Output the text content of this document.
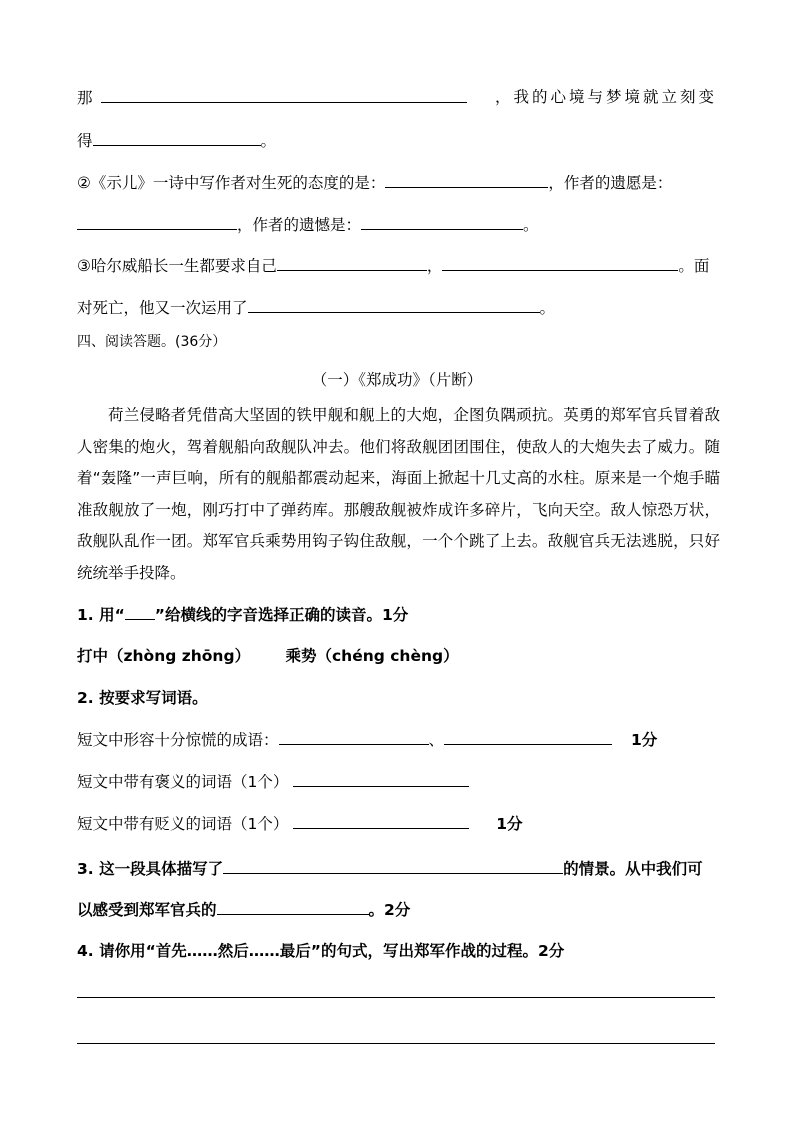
那	，我的心境与梦境就立刻变
得	。
②《示儿》一诗中写作者对生死的态度的是：	，作者的遗愿是：
，作者的遗憾是：	。
③哈尔威船长一生都要求自己	，	。面
对死亡，他又一次运用了	。
四、阅读答题。(36分）
（一）《郑成功》（片断）
荷兰侵略者凭借高大坚固的铁甲舰和舰上的大炮，企图负隅顽抗。英勇的郑军官兵冒着敌人密集的炮火，驾着舰船向敌舰队冲去。他们将敌舰团团围住，使敌人的大炮失去了威力。随着“轰隆”一声巨响，所有的舰船都震动起来，海面上掀起十几丈高的水柱。原来是一个炮手瞄准敌舰放了一炮，刚巧打中了弹药库。那艘敌舰被炸成许多碎片，飞向天空。敌人惊恐万状，敌舰队乱作一团。郑军官兵乘势用钩子钩住敌舰，一个个跳了上去。敌舰官兵无法逃脱，只好统统举手投降。
1. 用“ ”给横线的字音选择正确的读音。1分
打中（zhòng zhōng） 乘势（chéng chèng）
2. 按要求写词语。
短文中形容十分惊慌的成语：	、	1分
短文中带有褒义的词语（1个）
短文中带有贬义的词语（1个）	1分
3. 这一段具体描写了	的情景。从中我们可
以感受到郑军官兵的	。2分
4. 请你用“首先……然后……最后”的句式，写出郑军作战的过程。2分
